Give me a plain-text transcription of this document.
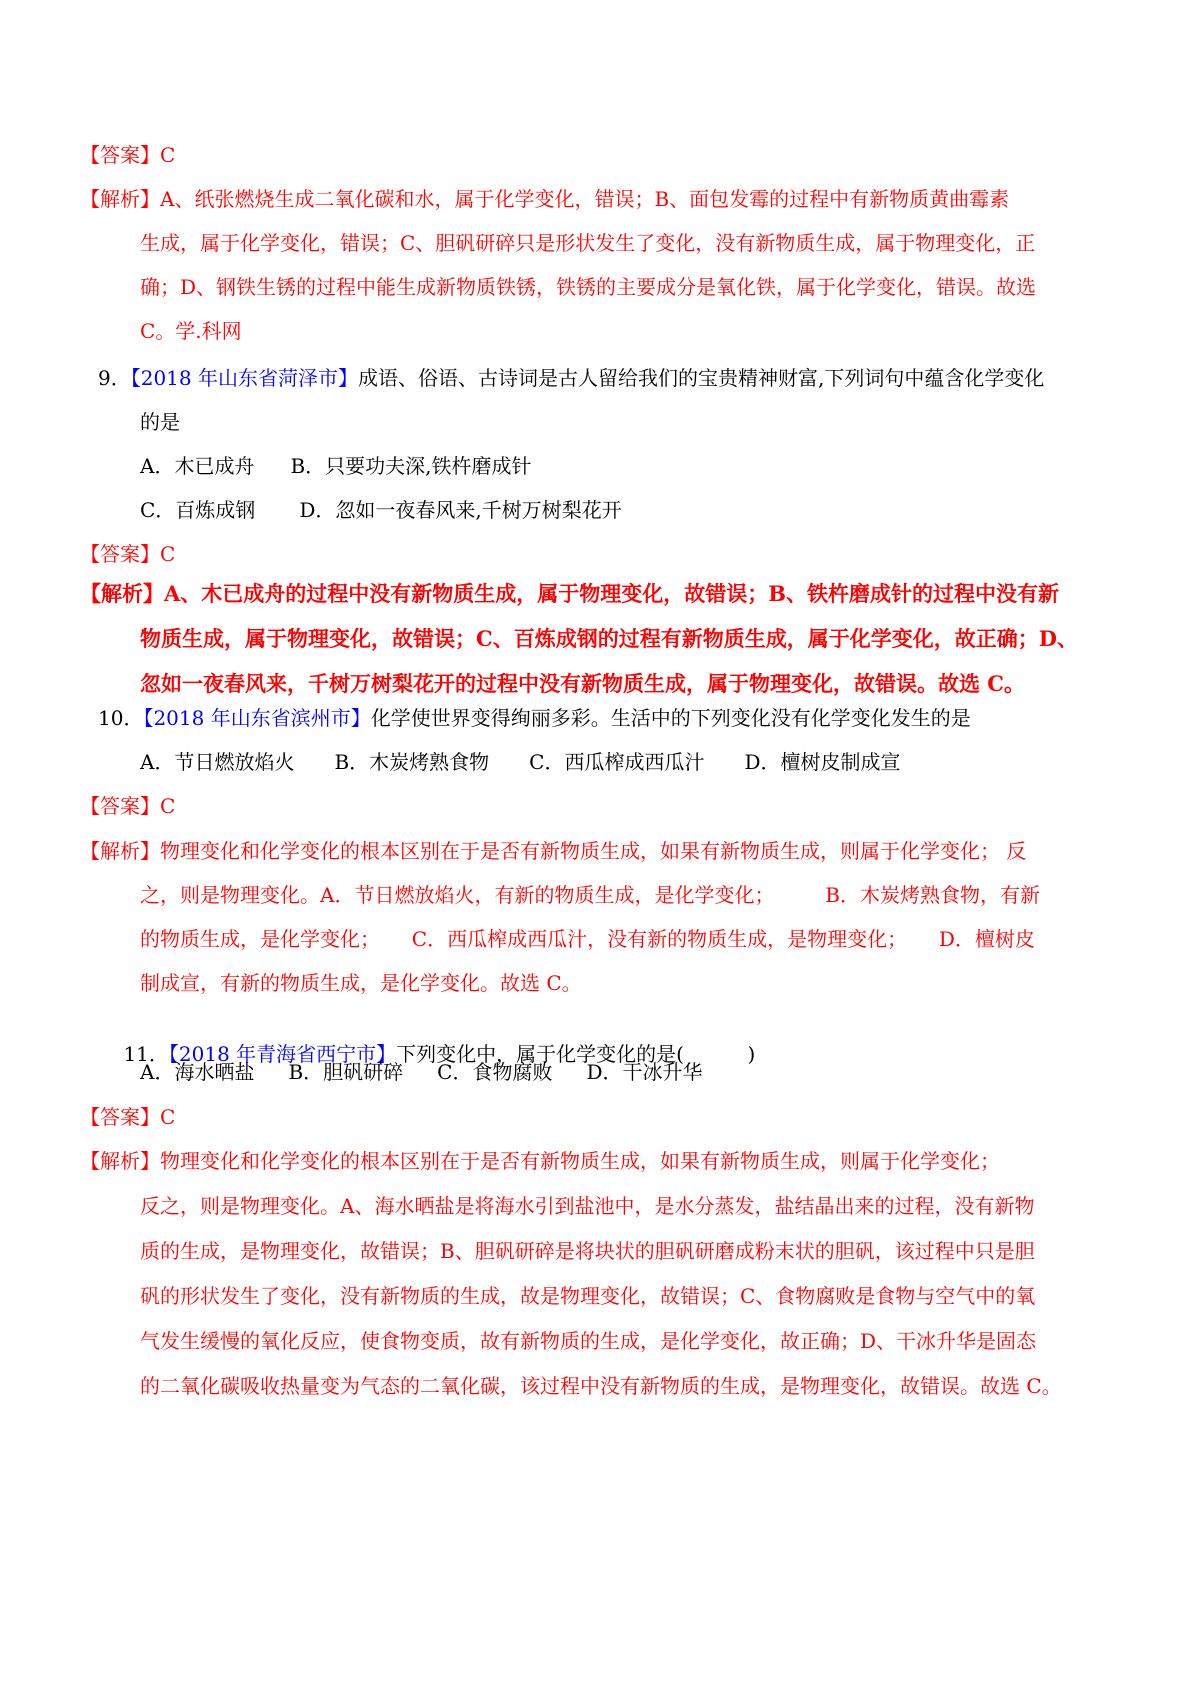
【答案】C
【解析】A、纸张燃烧生成二氧化碳和水，属于化学变化，错误；B、面包发霉的过程中有新物质黄曲霉素
生成，属于化学变化，错误；C、胆矾研碎只是形状发生了变化，没有新物质生成，属于物理变化，正
确；D、钢铁生锈的过程中能生成新物质铁锈，铁锈的主要成分是氧化铁，属于化学变化，错误。故选
C。学.科网
9．【2018 年山东省菏泽市】成语、俗语、古诗词是古人留给我们的宝贵精神财富,下列词句中蕴含化学变化
的是
A．木已成舟 B．只要功夫深,铁杵磨成针
C．百炼成钢 D．忽如一夜春风来,千树万树梨花开
【答案】C
【解析】A、木已成舟的过程中没有新物质生成，属于物理变化，故错误；B、铁杵磨成针的过程中没有新
物质生成，属于物理变化，故错误；C、百炼成钢的过程有新物质生成，属于化学变化，故正确；D、
忽如一夜春风来，千树万树梨花开的过程中没有新物质生成，属于物理变化，故错误。故选 C。
10．【2018 年山东省滨州市】化学使世界变得绚丽多彩。生活中的下列变化没有化学变化发生的是
A．节日燃放焰火 B．木炭烤熟食物 C．西瓜榨成西瓜汁 D．檀树皮制成宣
【答案】C
【解析】物理变化和化学变化的根本区别在于是否有新物质生成，如果有新物质生成，则属于化学变化； 反
之，则是物理变化。A．节日燃放焰火，有新的物质生成，是化学变化；        B．木炭烤熟食物，有新
的物质生成，是化学变化；     C．西瓜榨成西瓜汁，没有新的物质生成，是物理变化；     D．檀树皮
制成宣，有新的物质生成，是化学变化。故选 C。

11．【2018 年青海省西宁市】下列变化中，属于化学变化的是(          )

A．海水晒盐 B．胆矾研碎 C．食物腐败 D．干冰升华
【答案】C
【解析】物理变化和化学变化的根本区别在于是否有新物质生成，如果有新物质生成，则属于化学变化；
反之，则是物理变化。A、海水晒盐是将海水引到盐池中，是水分蒸发，盐结晶出来的过程，没有新物
质的生成，是物理变化，故错误；B、胆矾研碎是将块状的胆矾研磨成粉末状的胆矾，该过程中只是胆
矾的形状发生了变化，没有新物质的生成，故是物理变化，故错误；C、食物腐败是食物与空气中的氧
气发生缓慢的氧化反应，使食物变质，故有新物质的生成，是化学变化，故正确；D、干冰升华是固态
的二氧化碳吸收热量变为气态的二氧化碳，该过程中没有新物质的生成，是物理变化，故错误。故选 C。
